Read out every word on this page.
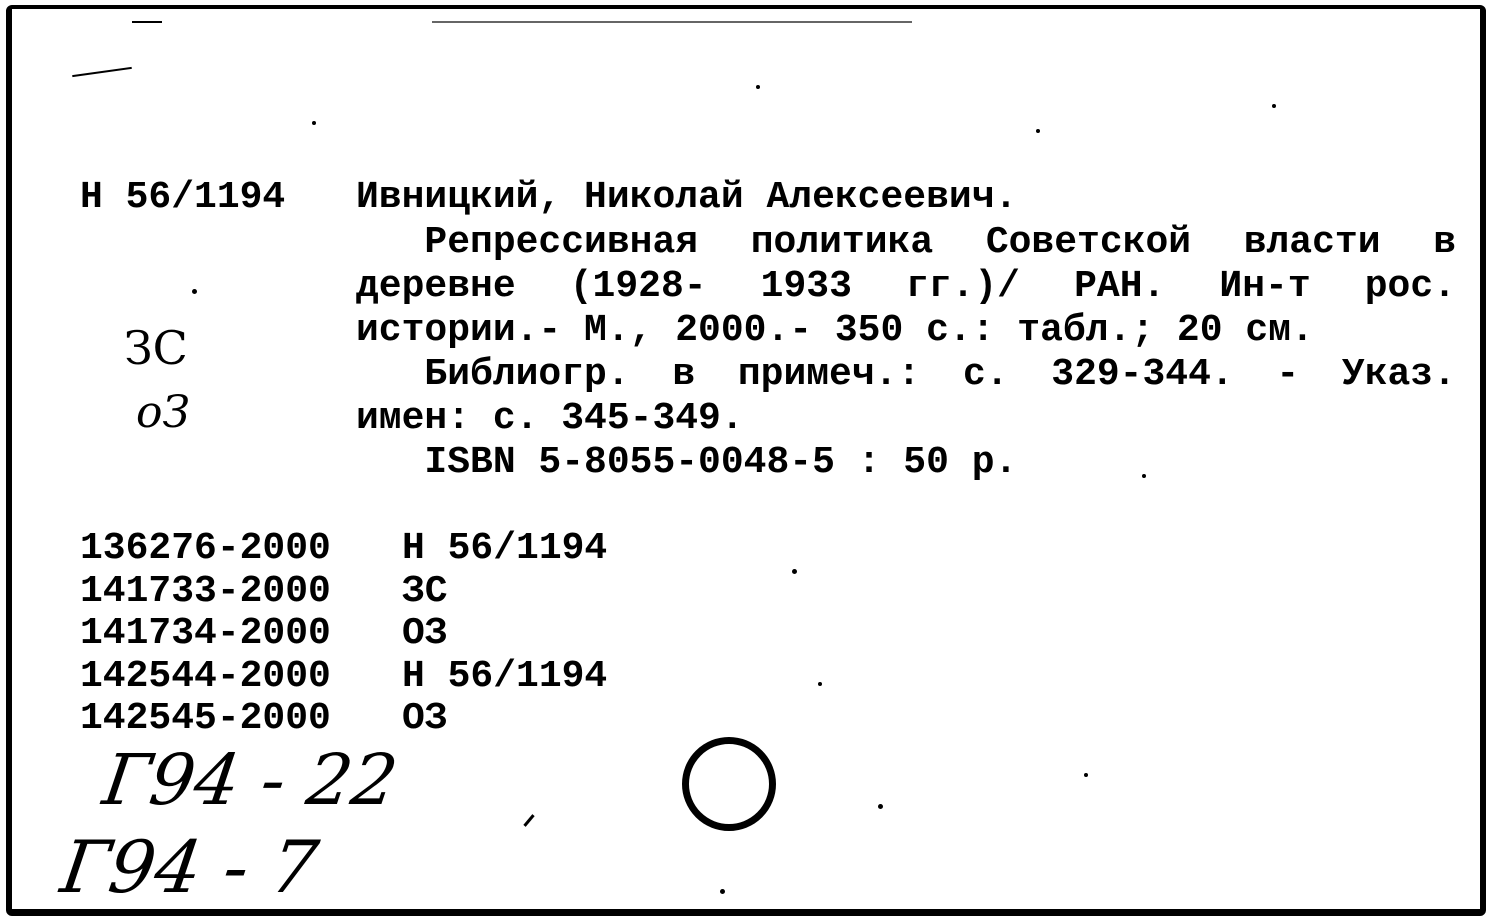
Н 56/1194 Ивницкий, Николай Алексеевич.
Репрессивная политика Советской власти в
деревне (1928- 1933 гг.)/ РАН. Ин-т рос.
истории.- М., 2000.- 350 с.: табл.; 20 см.
Библиогр. в примеч.: с. 329-344. - Указ.
имен: с. 345-349.
ISBN 5-8055-0048-5 : 50 р.
ЗС
оЗ
136276-2000 Н 56/1194
141733-2000 ЗС
141734-2000 ОЗ
142544-2000 Н 56/1194
142545-2000 ОЗ
Г94 - 22
Г94 - 7
